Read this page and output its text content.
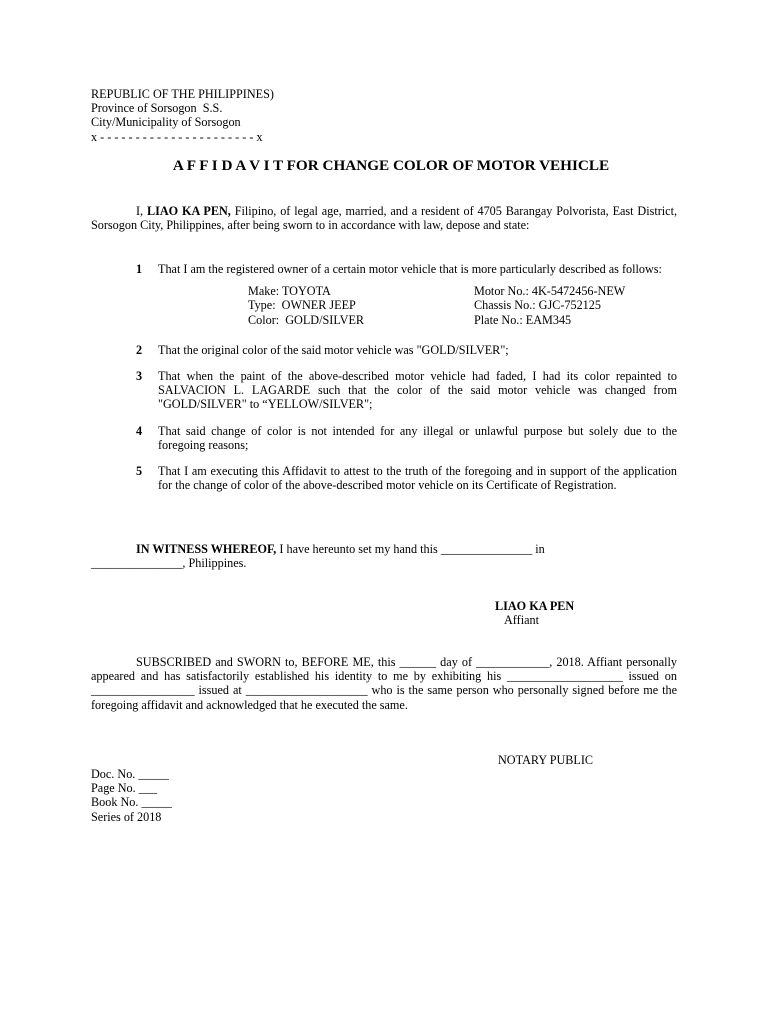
REPUBLIC OF THE PHILIPPINES)
Province of Sorsogon  S.S.
City/Municipality of Sorsogon
x - - - - - - - - - - - - - - - - - - - - - - x
A F F I D A V I T FOR CHANGE COLOR OF MOTOR VEHICLE
I, LIAO KA PEN, Filipino, of legal age, married, and a resident of 4705 Barangay Polvorista, East District, Sorsogon City, Philippines, after being sworn to in accordance with law, depose and state:
1 That I am the registered owner of a certain motor vehicle that is more particularly described as follows:
Make: TOYOTA	Motor No.: 4K-5472456-NEW
Type:  OWNER JEEP	Chassis No.: GJC-752125
Color:  GOLD/SILVER	Plate No.: EAM345
2 That the original color of the said motor vehicle was "GOLD/SILVER";
3 That when the paint of the above-described motor vehicle had faded, I had its color repainted to SALVACION L. LAGARDE such that the color of the said motor vehicle was changed from "GOLD/SILVER" to “YELLOW/SILVER";
4 That said change of color is not intended for any illegal or unlawful purpose but solely due to the foregoing reasons;
5 That I am executing this Affidavit to attest to the truth of the foregoing and in support of the application for the change of color of the above-described motor vehicle on its Certificate of Registration.
IN WITNESS WHEREOF, I have hereunto set my hand this _______________ in
_______________, Philippines.
LIAO KA PEN
Affiant
SUBSCRIBED and SWORN to, BEFORE ME, this ______ day of ____________, 2018. Affiant personally appeared and has satisfactorily established his identity to me by exhibiting his ___________________ issued on _________________ issued at ____________________ who is the same person who personally signed before me the foregoing affidavit and acknowledged that he executed the same.
NOTARY PUBLIC
Doc. No. _____
Page No. ___
Book No. _____
Series of 2018
